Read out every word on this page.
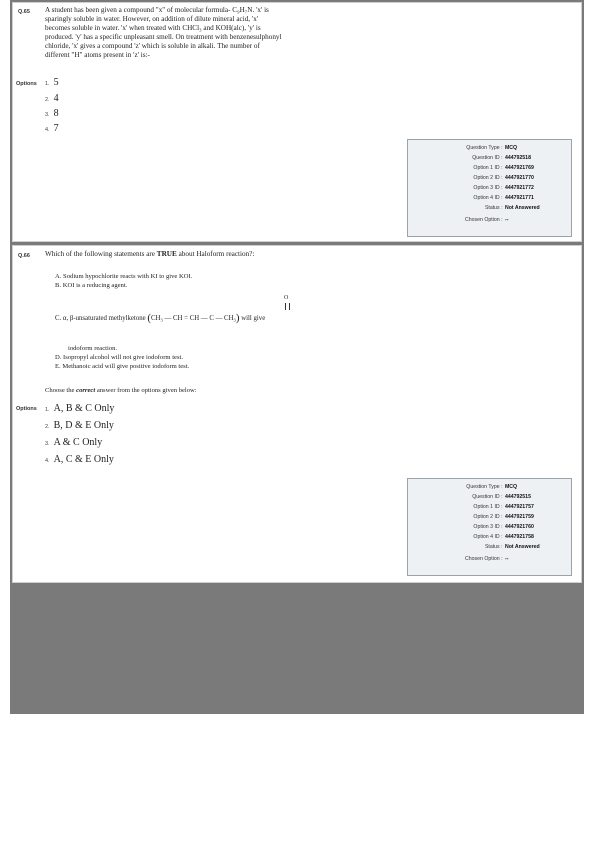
Q.65 A student has been given a compound "x" of molecular formula- C₉H₇N. 'x' is
sparingly soluble in water. However, on addition of dilute mineral acid, 'x'
becomes soluble in water. 'x' when treated with CHCl₃ and KOH(alc), 'y' is
produced. 'y' has a specific unpleasant smell. On treatment with benzenesulphonyl
chloride, 'x' gives a compound 'z' which is soluble in alkali. The number of
different "H" atoms present in 'z' is:-
Options 1. 5
2. 4
3. 8
4. 7
Question Type : MCQ
Question ID : 444792518
Option 1 ID : 4447921769
Option 2 ID : 4447921770
Option 3 ID : 4447921772
Option 4 ID : 4447921771
Status : Not Answered
Chosen Option : --
Q.66 Which of the following statements are TRUE about Haloform reaction?:
A. Sodium hypochlorite reacts with KI to give KOI.
B. KOI is a reducing agent.
C. α, β-unsaturated methylketone (CH₃ — CH = CH — C — CH₃) will give
O
iodoform reaction.
D. Isopropyl alcohol will not give iodoform test.
E. Methanoic acid will give positive iodoform test.
Choose the correct answer from the options given below:
Options 1. A, B & C Only
2. B, D & E Only
3. A & C Only
4. A, C & E Only
Question Type : MCQ
Question ID : 444792515
Option 1 ID : 4447921757
Option 2 ID : 4447921759
Option 3 ID : 4447921760
Option 4 ID : 4447921758
Status : Not Answered
Chosen Option : --
